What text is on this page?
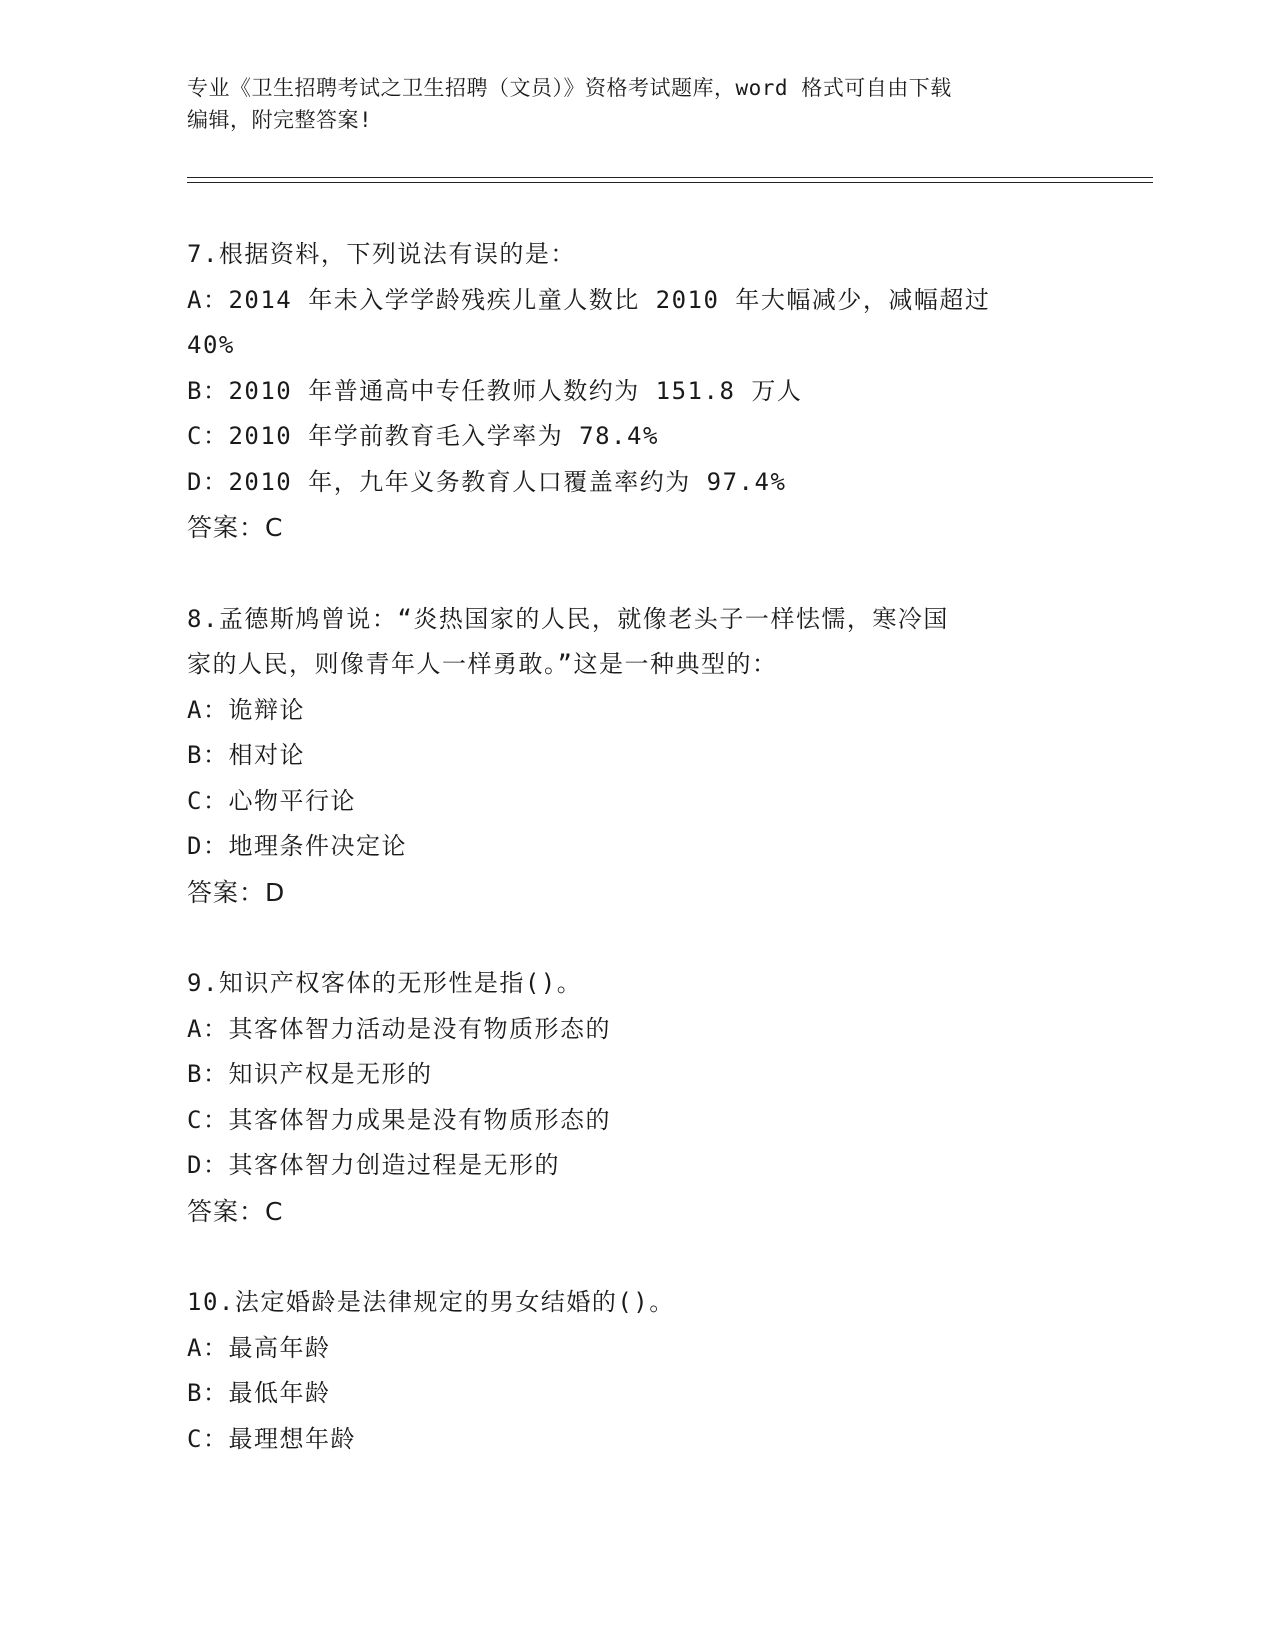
专业《卫生招聘考试之卫生招聘（文员）》资格考试题库，word 格式可自由下载
编辑，附完整答案!
7.根据资料，下列说法有误的是：
A：2014 年未入学学龄残疾儿童人数比 2010 年大幅减少，减幅超过
40%
B：2010 年普通高中专任教师人数约为 151.8 万人
C：2010 年学前教育毛入学率为 78.4%
D：2010 年，九年义务教育人口覆盖率约为 97.4%
答案：C
8.孟德斯鸠曾说：“炎热国家的人民，就像老头子一样怯懦，寒冷国
家的人民，则像青年人一样勇敢。”这是一种典型的：
A：诡辩论
B：相对论
C：心物平行论
D：地理条件决定论
答案：D
9.知识产权客体的无形性是指()。
A：其客体智力活动是没有物质形态的
B：知识产权是无形的
C：其客体智力成果是没有物质形态的
D：其客体智力创造过程是无形的
答案：C
10.法定婚龄是法律规定的男女结婚的()。
A：最高年龄
B：最低年龄
C：最理想年龄
